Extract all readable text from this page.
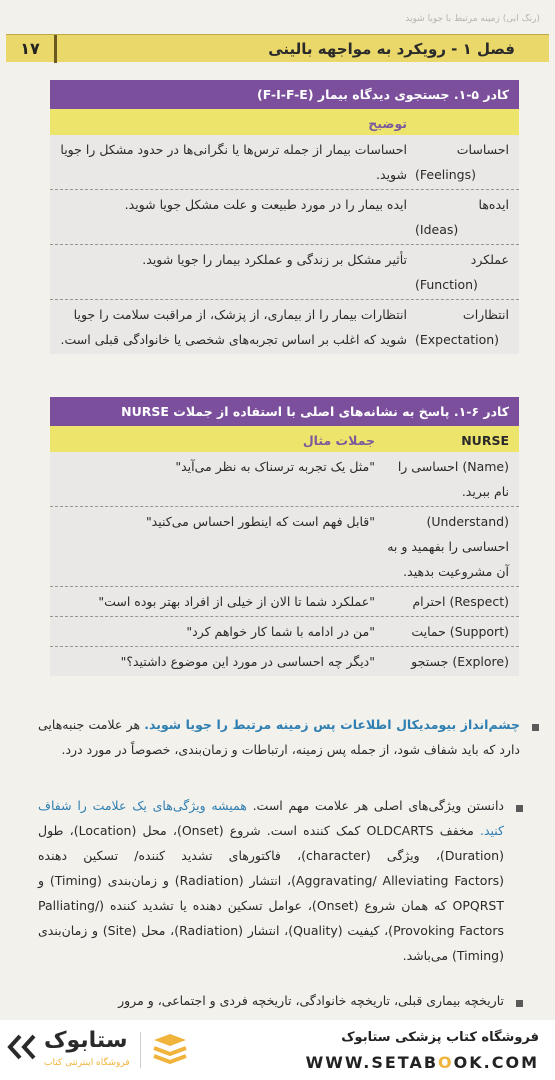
(رنگ آبی) زمینه مرتبط با جویا شوید
۱۷	فصل ۱ - رویکرد به مواجهه بالینی
کادر ۵-۱. جستجوی دیدگاه بیمار (F-I-F-E)
توضیح
احساسات
(Feelings)
احساسات بیمار از جمله ترس‌ها یا نگرانی‌ها در حدود مشکل را جویا شوید.
ایده‌ها
(Ideas)
ایده بیمار را در مورد طبیعت و علت مشکل جویا شوید.
عملکرد
(Function)
تأثیر مشکل بر زندگی و عملکرد بیمار را جویا شوید.
انتظارات
(Expectation)
انتظارات بیمار را از بیماری، از پزشک، از مراقبت سلامت را جویا شوید که اغلب بر اساس تجربه‌های شخصی یا خانوادگی قبلی است.
کادر ۶-۱. پاسخ به نشانه‌های اصلی با استفاده از جملات NURSE
NURSE
جملات مثال
(Name) احساسی را نام ببرید.
"مثل یک تجربه ترسناک به نظر می‌آید"
(Understand) احساسی را بفهمید و به آن مشروعیت بدهید.
"قابل فهم است که اینطور احساس می‌کنید"
(Respect) احترام
"عملکرد شما تا الان از خیلی از افراد بهتر بوده است"
(Support) حمایت
"من در ادامه با شما کار خواهم کرد"
(Explore) جستجو
"دیگر چه احساسی در مورد این موضوع داشتید؟"
چشم‌انداز بیومدیکال اطلاعات پس زمینه مرتبط را جویا شوید. هر علامت جنبه‌هایی دارد که باید شفاف شود، از جمله پس زمینه، ارتباطات و زمان‌بندی، خصوصاً در مورد درد.
دانستن ویژگی‌های اصلی هر علامت مهم است. همیشه ویژگی‌های یک علامت را شفاف کنید. مخفف OLDCARTS کمک کننده است. شروع (Onset)، محل (Location)، طول (Duration)، ویژگی (character)، فاکتورهای تشدید کننده/ تسکین دهنده (Aggravating/ Alleviating Factors)، انتشار (Radiation) و زمان‌بندی (Timing) و OPQRST که همان شروع (Onset)، عوامل تسکین دهنده یا تشدید کننده (Palliating/ Provoking Factors)، کیفیت (Quality)، انتشار (Radiation)، محل (Site) و زمان‌بندی (Timing) می‌باشد.
تاریخچه بیماری قبلی، تاریخچه خانوادگی، تاریخچه فردی و اجتماعی، و مرور
فروشگاه کتاب پزشکی ستابوک
WWW.SETABOOK.COM
ستابوک
فروشگاه اینترنتی کتاب
